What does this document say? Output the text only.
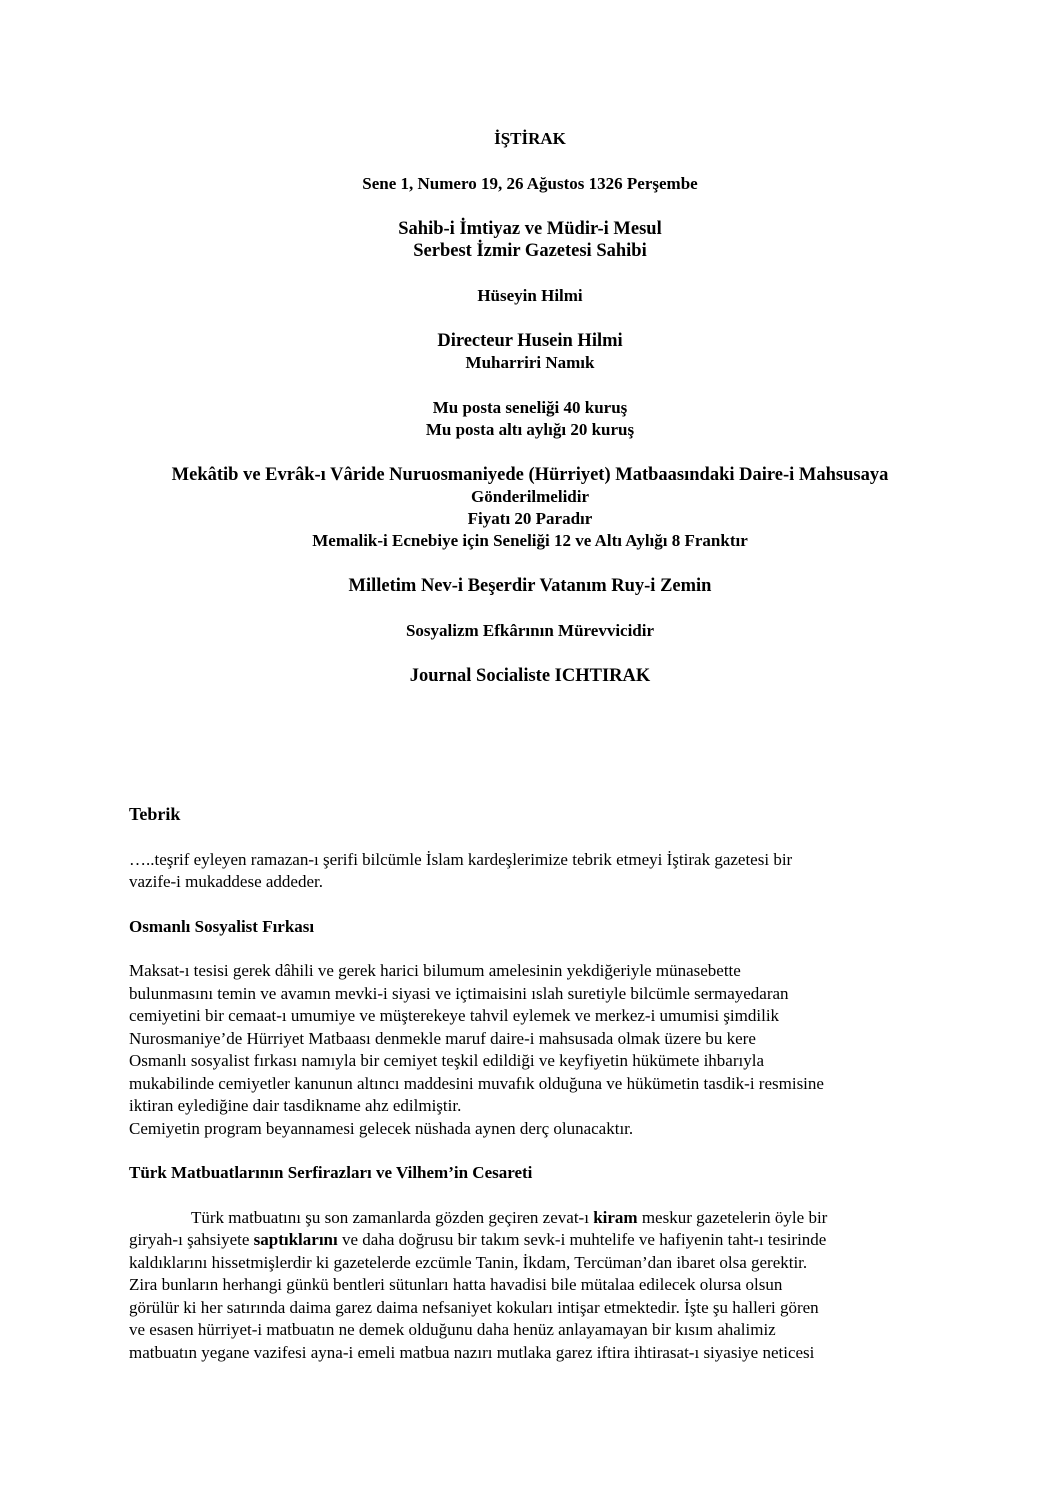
İŞTİRAK
Sene 1, Numero 19, 26 Ağustos 1326 Perşembe
Sahib-i İmtiyaz ve Müdir-i Mesul
Serbest İzmir Gazetesi Sahibi
Hüseyin Hilmi
Directeur Husein Hilmi
Muharriri Namık
Mu posta seneliği 40 kuruş
Mu posta altı aylığı 20 kuruş
Mekâtib ve Evrâk-ı Vâride Nuruosmaniyede (Hürriyet) Matbaasındaki Daire-i Mahsusaya
Gönderilmelidir
Fiyatı 20 Paradır
Memalik-i Ecnebiye için Seneliği 12 ve Altı Aylığı 8 Franktır
Milletim Nev-i Beşerdir Vatanım Ruy-i Zemin
Sosyalizm Efkârının Mürevvicidir
Journal Socialiste ICHTIRAK
Tebrik
…..teşrif eyleyen ramazan-ı şerifi bilcümle İslam kardeşlerimize tebrik etmeyi İştirak gazetesi bir
vazife-i mukaddese addeder.
Osmanlı Sosyalist Fırkası
Maksat-ı tesisi gerek dâhili ve gerek harici bilumum amelesinin yekdiğeriyle münasebette
bulunmasını temin ve avamın mevki-i siyasi ve içtimaisini ıslah suretiyle bilcümle sermayedaran
cemiyetini bir cemaat-ı umumiye ve müşterekeye tahvil eylemek ve merkez-i umumisi şimdilik
Nurosmaniye’de Hürriyet Matbaası denmekle maruf daire-i mahsusada olmak üzere bu kere
Osmanlı sosyalist fırkası namıyla bir cemiyet teşkil edildiği ve keyfiyetin hükümete ihbarıyla
mukabilinde cemiyetler kanunun altıncı maddesini muvafık olduğuna ve hükümetin tasdik-i resmisine
iktiran eylediğine dair tasdikname ahz edilmiştir.
Cemiyetin program beyannamesi gelecek nüshada aynen derç olunacaktır.
Türk Matbuatlarının Serfirazları ve Vilhem’in Cesareti
Türk matbuatını şu son zamanlarda gözden geçiren zevat-ı kiram meskur gazetelerin öyle bir
giryah-ı şahsiyete saptıklarını ve daha doğrusu bir takım sevk-i muhtelife ve hafiyenin taht-ı tesirinde
kaldıklarını hissetmişlerdir ki gazetelerde ezcümle Tanin, İkdam, Tercüman’dan ibaret olsa gerektir.
Zira bunların herhangi günkü bentleri sütunları hatta havadisi bile mütalaa edilecek olursa olsun
görülür ki her satırında daima garez daima nefsaniyet kokuları intişar etmektedir. İşte şu halleri gören
ve esasen hürriyet-i matbuatın ne demek olduğunu daha henüz anlayamayan bir kısım ahalimiz
matbuatın yegane vazifesi ayna-i emeli matbua nazırı mutlaka garez iftira ihtirasat-ı siyasiye neticesi
